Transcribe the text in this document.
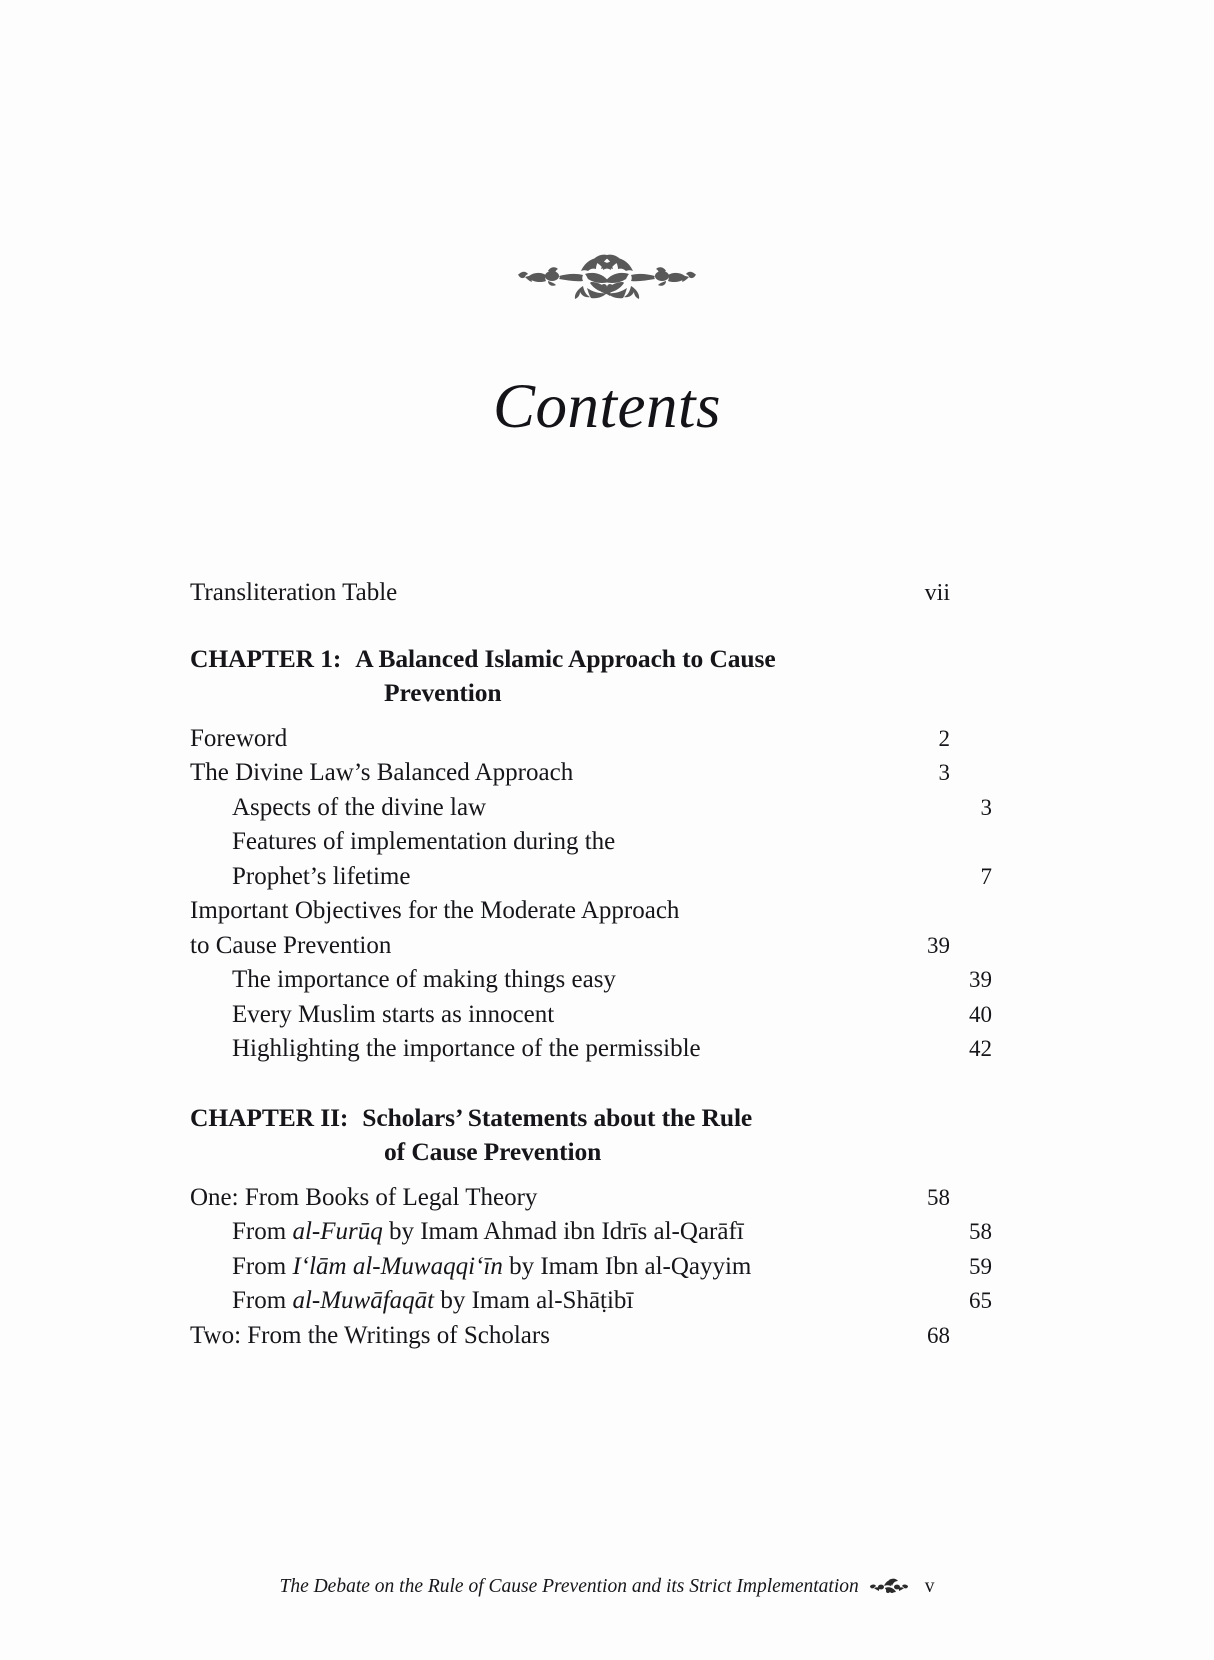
Contents
Transliteration Table	vii
CHAPTER 1: A Balanced Islamic Approach to Cause
Prevention
Foreword	2
The Divine Law’s Balanced Approach	3
Aspects of the divine law	3
Features of implementation during the
Prophet’s lifetime	7
Important Objectives for the Moderate Approach
to Cause Prevention	39
The importance of making things easy	39
Every Muslim starts as innocent	40
Highlighting the importance of the permissible	42
CHAPTER II: Scholars’ Statements about the Rule
of Cause Prevention
One: From Books of Legal Theory	58
From al-Furūq by Imam Ahmad ibn Idrīs al-Qarāfī	58
From I‘lām al-Muwaqqi‘īn by Imam Ibn al-Qayyim	59
From al-Muwāfaqāt by Imam al-Shāṭibī	65
Two: From the Writings of Scholars	68
The Debate on the Rule of Cause Prevention and its Strict Implementation	v
